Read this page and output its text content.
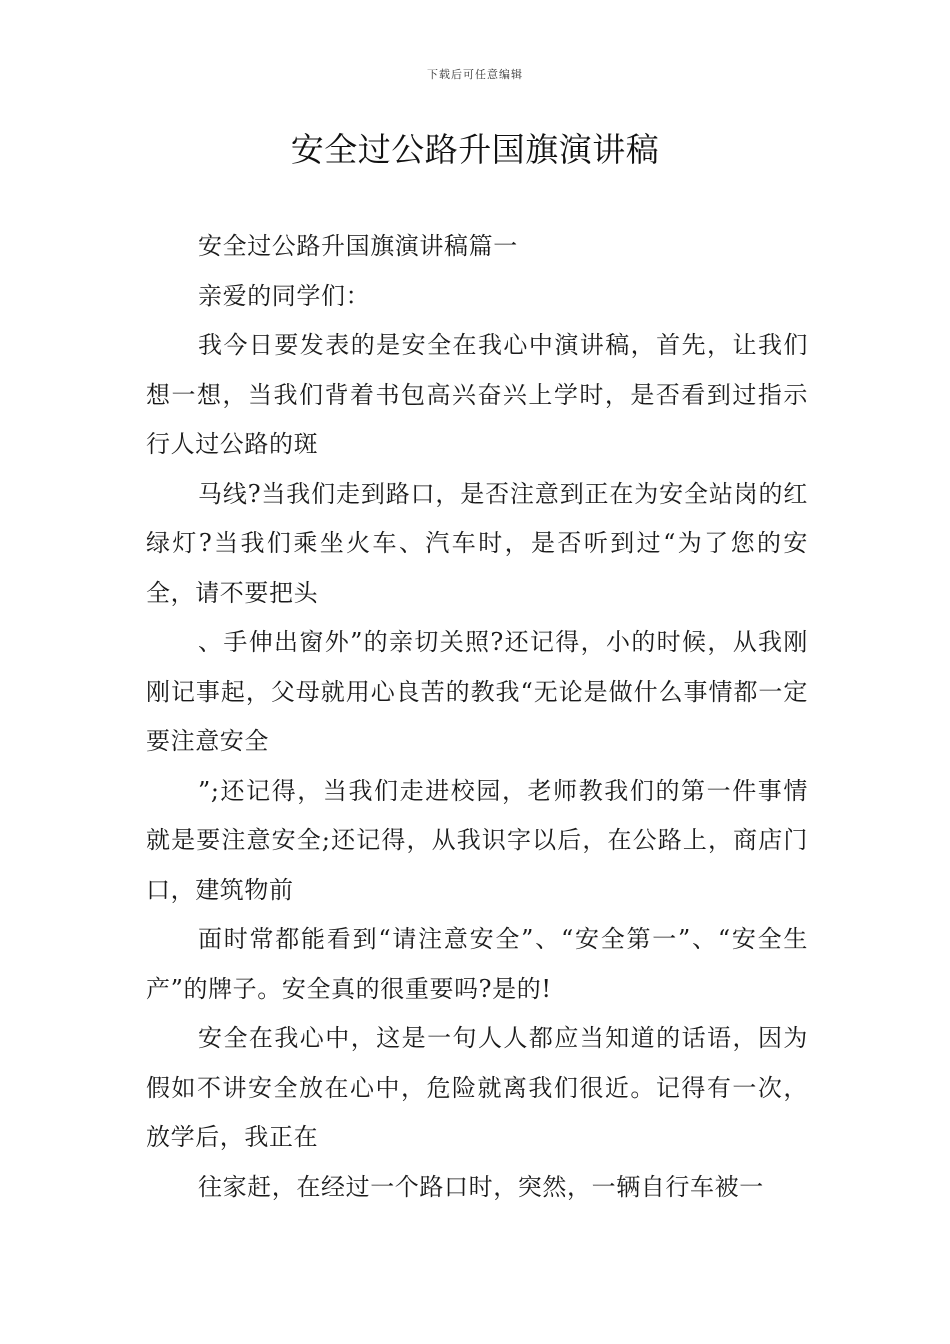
下载后可任意编辑
安全过公路升国旗演讲稿

安全过公路升国旗演讲稿篇一

亲爱的同学们：

我今日要发表的是安全在我心中演讲稿，首先，让我们想一想，当我们背着书包高兴奋兴上学时，是否看到过指示行人过公路的斑

马线?当我们走到路口，是否注意到正在为安全站岗的红绿灯?当我们乘坐火车、汽车时，是否听到过“为了您的安全，请不要把头

、手伸出窗外”的亲切关照?还记得，小的时候，从我刚刚记事起，父母就用心良苦的教我“无论是做什么事情都一定要注意安全

”;还记得，当我们走进校园，老师教我们的第一件事情就是要注意安全;还记得，从我识字以后，在公路上，商店门口，建筑物前

面时常都能看到“请注意安全”、“安全第一”、“安全生产”的牌子。安全真的很重要吗?是的!

安全在我心中，这是一句人人都应当知道的话语，因为假如不讲安全放在心中，危险就离我们很近。记得有一次，放学后，我正在

往家赶，在经过一个路口时，突然，一辆自行车被一
